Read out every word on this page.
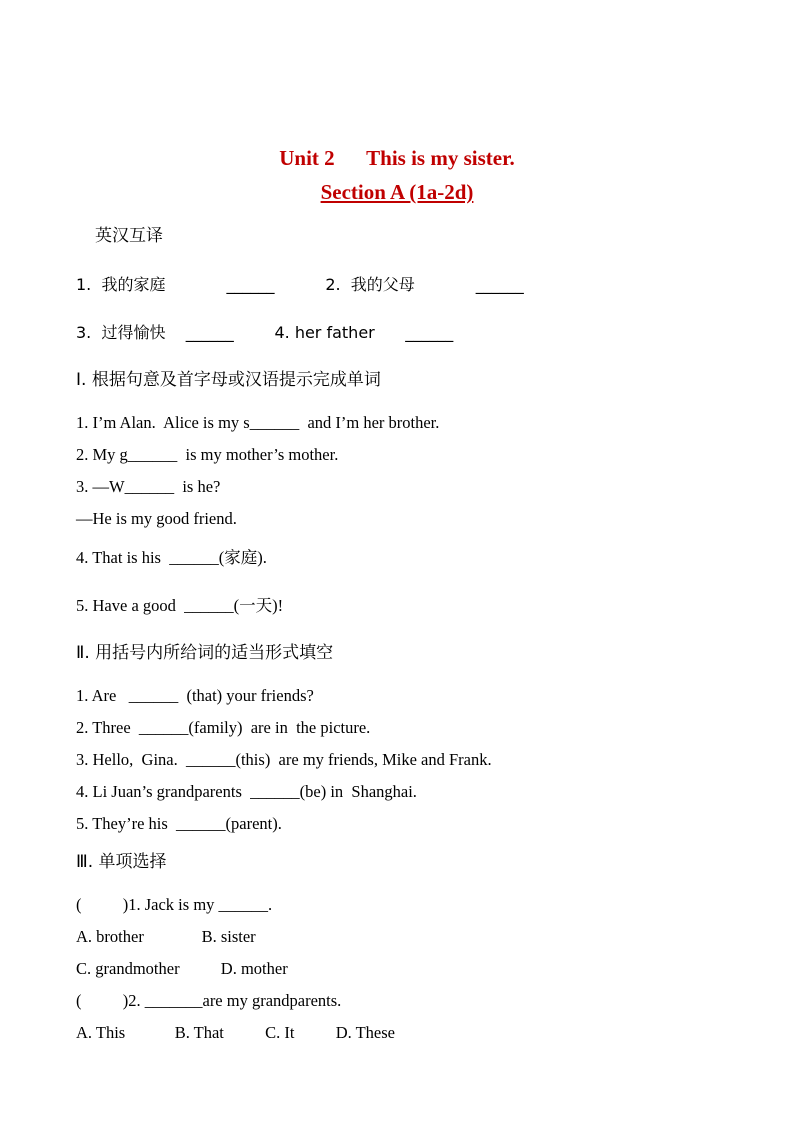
Unit 2  This is my sister.
Section A (1a-2d)
英汉互译
1.  我的家庭            ______          2.  我的父母            ______
3.  过得愉快    ______        4. her father      ______
Ⅰ. 根据句意及首字母或汉语提示完成单词
1. I’m Alan.  Alice is my s______  and I’m her brother.
2. My g______  is my mother’s mother.
3. —W______  is he?
—He is my good friend.
4. That is his  ______(家庭).
5. Have a good  ______(一天)!
Ⅱ. 用括号内所给词的适当形式填空
1. Are   ______  (that) your friends?
2. Three  ______(family)  are in  the picture.
3. Hello,  Gina.  ______(this)  are my friends, Mike and Frank.
4. Li Juan’s grandparents  ______(be) in  Shanghai.
5. They’re his  ______(parent).
Ⅲ. 单项选择
(          )1. Jack is my ______.
A. brother              B. sister
C. grandmother          D. mother
(          )2. _______are my grandparents.
A. This            B. That          C. It          D. These
